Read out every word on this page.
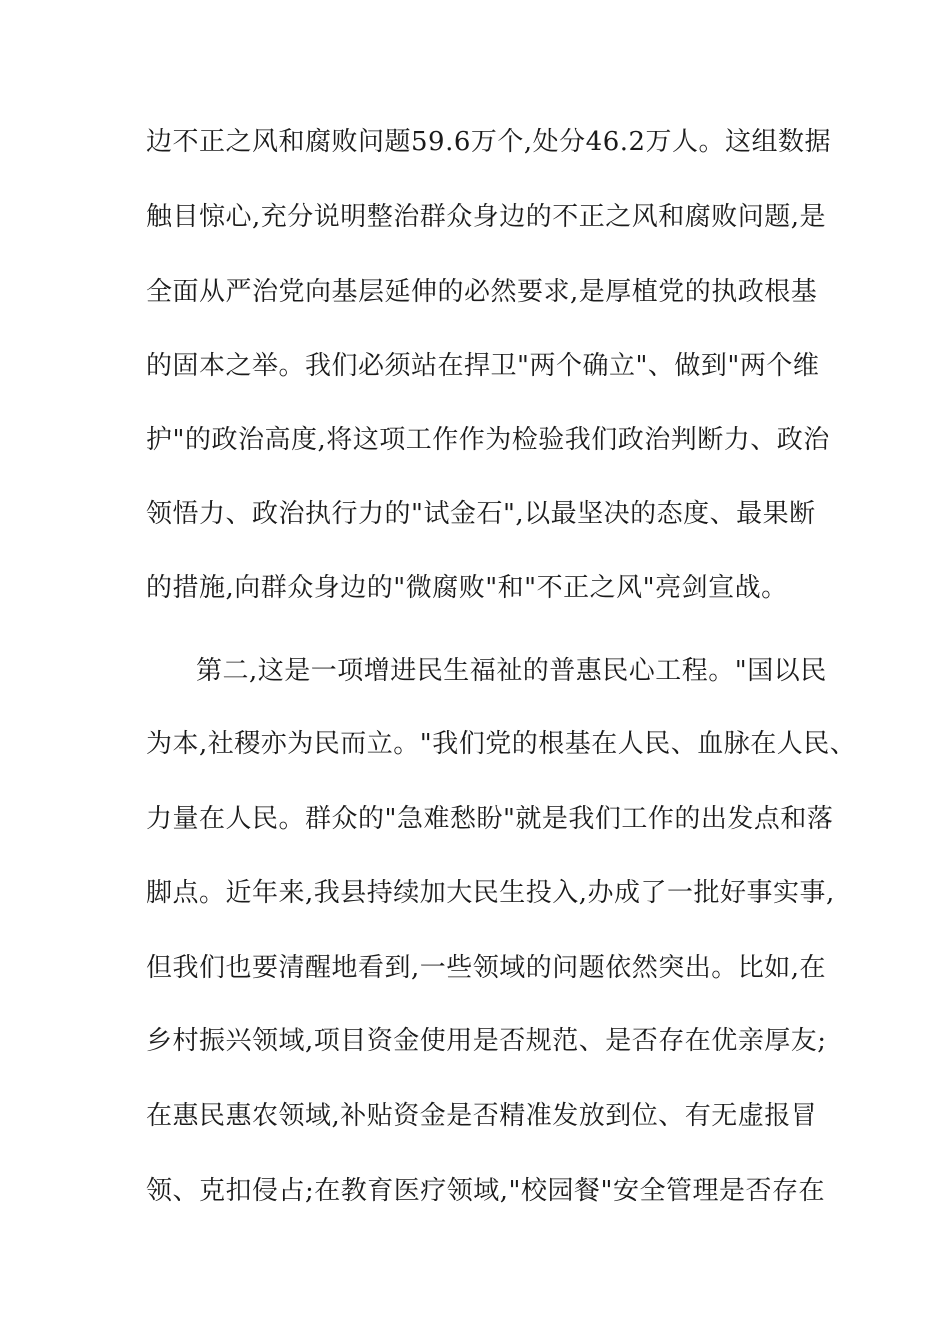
边不正之风和腐败问题59.6万个,处分46.2万人。这组数据
触目惊心,充分说明整治群众身边的不正之风和腐败问题,是
全面从严治党向基层延伸的必然要求,是厚植党的执政根基
的固本之举。我们必须站在捍卫"两个确立"、做到"两个维
护"的政治高度,将这项工作作为检验我们政治判断力、政治
领悟力、政治执行力的"试金石",以最坚决的态度、最果断
的措施,向群众身边的"微腐败"和"不正之风"亮剑宣战。
第二,这是一项增进民生福祉的普惠民心工程。"国以民
为本,社稷亦为民而立。"我们党的根基在人民、血脉在人民、
力量在人民。群众的"急难愁盼"就是我们工作的出发点和落
脚点。近年来,我县持续加大民生投入,办成了一批好事实事,
但我们也要清醒地看到,一些领域的问题依然突出。比如,在
乡村振兴领域,项目资金使用是否规范、是否存在优亲厚友;
在惠民惠农领域,补贴资金是否精准发放到位、有无虚报冒
领、克扣侵占;在教育医疗领域,"校园餐"安全管理是否存在
